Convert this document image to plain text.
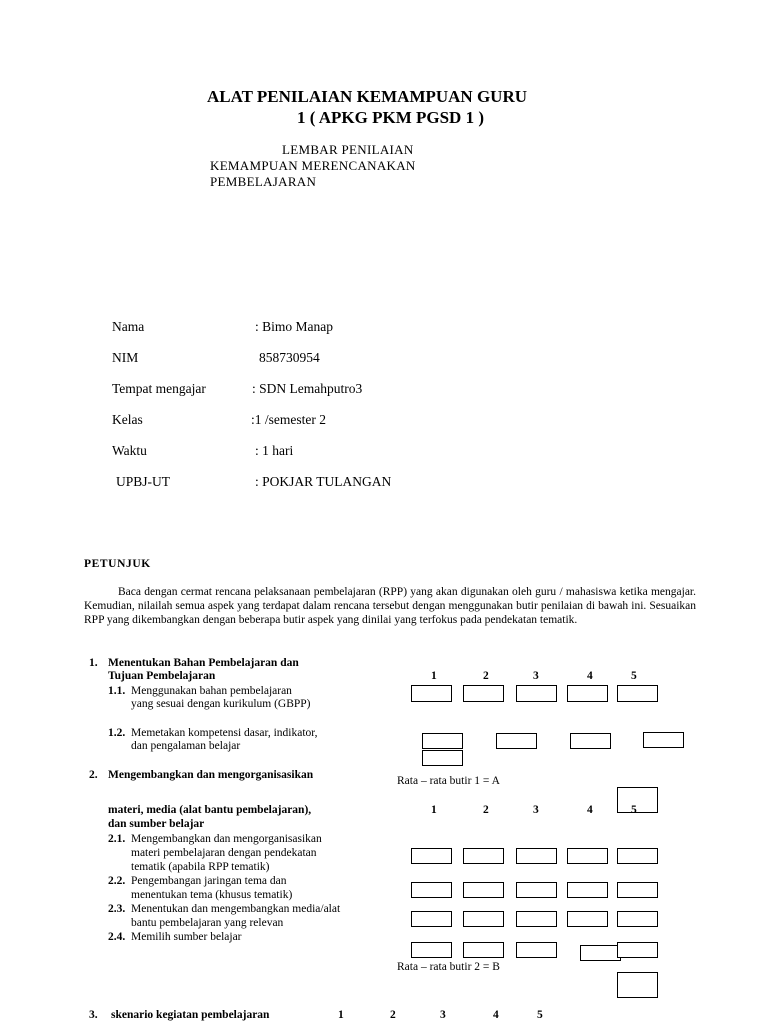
ALAT PENILAIAN KEMAMPUAN GURU
1 ( APKG PKM PGSD 1 )
LEMBAR PENILAIAN
KEMAMPUAN MERENCANAKAN
PEMBELAJARAN
Nama	: Bimo Manap
NIM	858730954
Tempat mengajar	: SDN Lemahputro3
Kelas	:1 /semester 2
Waktu	: 1 hari
UPBJ-UT	: POKJAR TULANGAN
PETUNJUK
Baca dengan cermat rencana pelaksanaan pembelajaran (RPP) yang akan digunakan oleh guru / mahasiswa ketika mengajar. Kemudian, nilailah semua aspek yang terdapat dalam rencana tersebut dengan menggunakan butir penilaian di bawah ini. Sesuaikan RPP yang dikembangkan dengan beberapa butir aspek yang dinilai yang terfokus pada pendekatan tematik.
1. Menentukan Bahan Pembelajaran dan
Tujuan Pembelajaran	1	2	3	4	5
1.1. Menggunakan bahan pembelajaran
yang sesuai dengan kurikulum (GBPP)
1.2. Memetakan kompetensi dasar, indikator,
dan pengalaman belajar
Rata – rata butir 1 = A
2. Mengembangkan dan mengorganisasikan
materi, media (alat bantu pembelajaran),
dan sumber belajar
1	2	3	4	5
2.1. Mengembangkan dan mengorganisasikan
materi pembelajaran dengan pendekatan
tematik (apabila RPP tematik)
2.2. Pengembangan jaringan tema dan
menentukan tema (khusus tematik)
2.3. Menentukan dan mengembangkan media/alat
bantu pembelajaran yang relevan
2.4. Memilih sumber belajar
Rata – rata butir 2 = B
3. skenario kegiatan pembelajaran	1	2	3	4	5
